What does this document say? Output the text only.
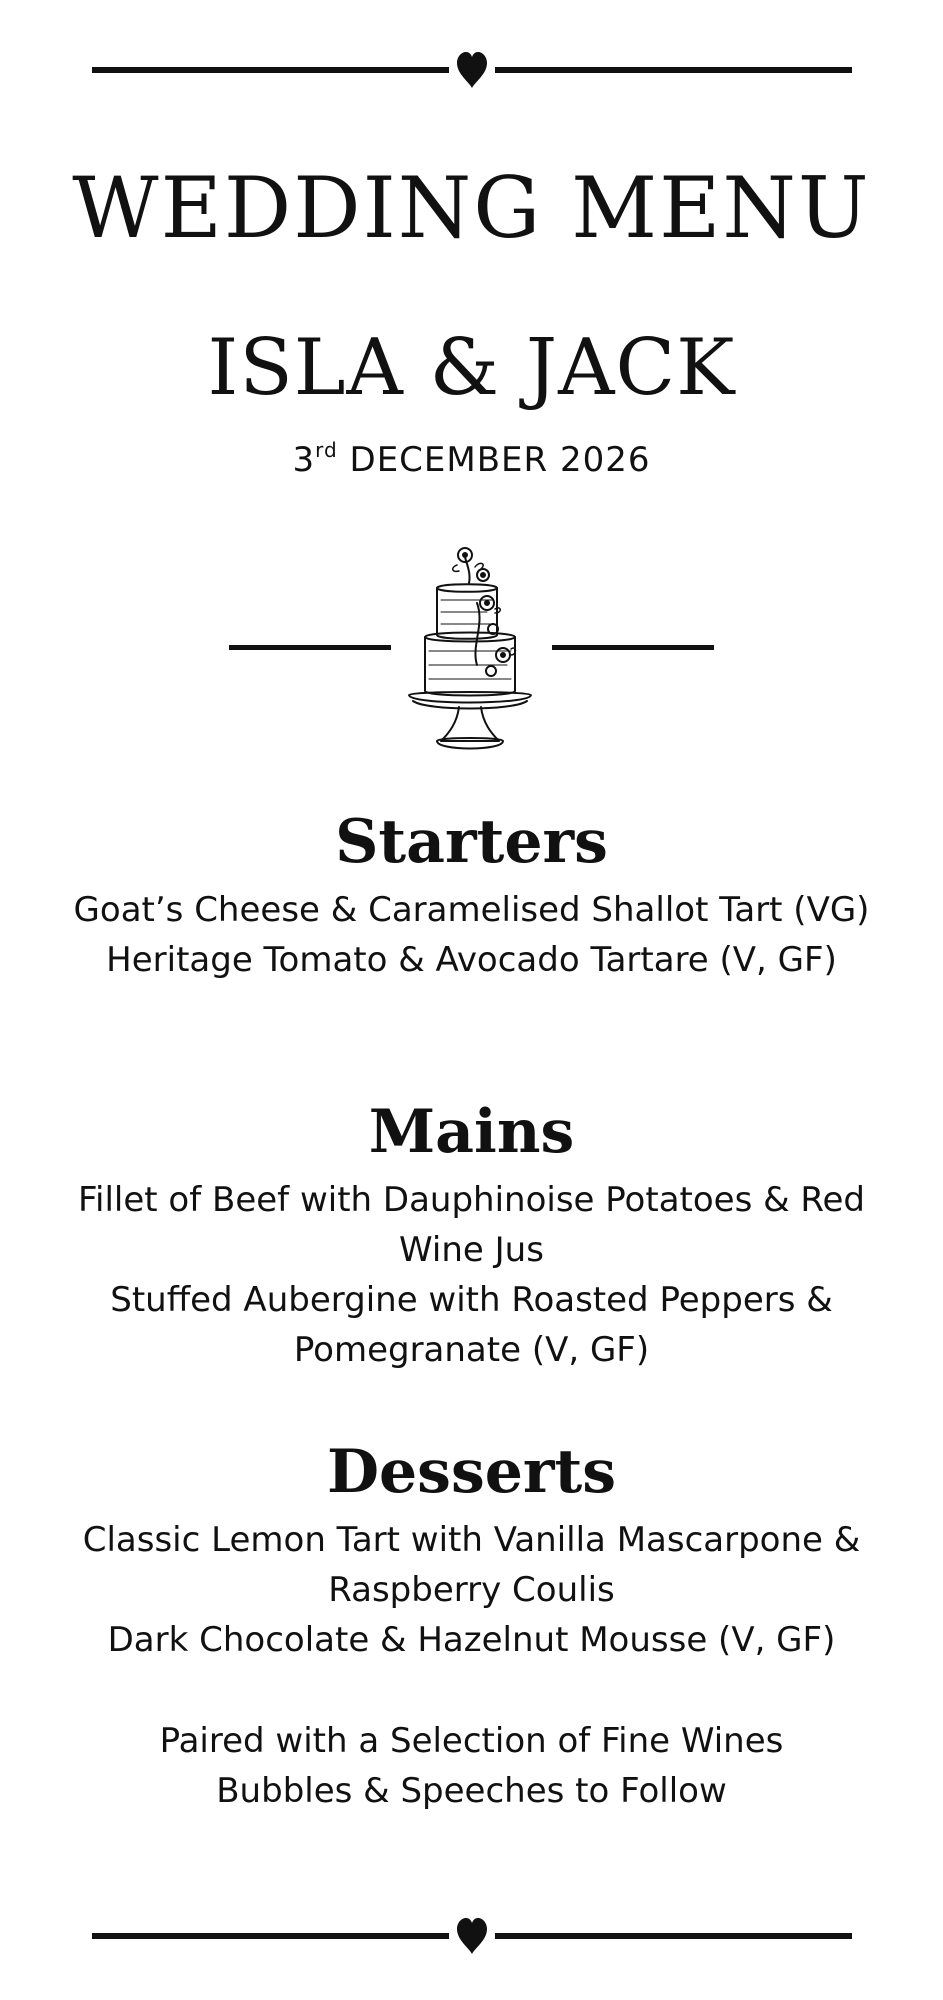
WEDDING MENU
ISLA & JACK
3rd DECEMBER 2026
Starters
Goat’s Cheese & Caramelised Shallot Tart (VG)
Heritage Tomato & Avocado Tartare (V, GF)
Mains
Fillet of Beef with Dauphinoise Potatoes & Red Wine Jus
Stuffed Aubergine with Roasted Peppers & Pomegranate (V, GF)
Desserts
Classic Lemon Tart with Vanilla Mascarpone & Raspberry Coulis
Dark Chocolate & Hazelnut Mousse (V, GF)
Paired with a Selection of Fine Wines
Bubbles & Speeches to Follow
